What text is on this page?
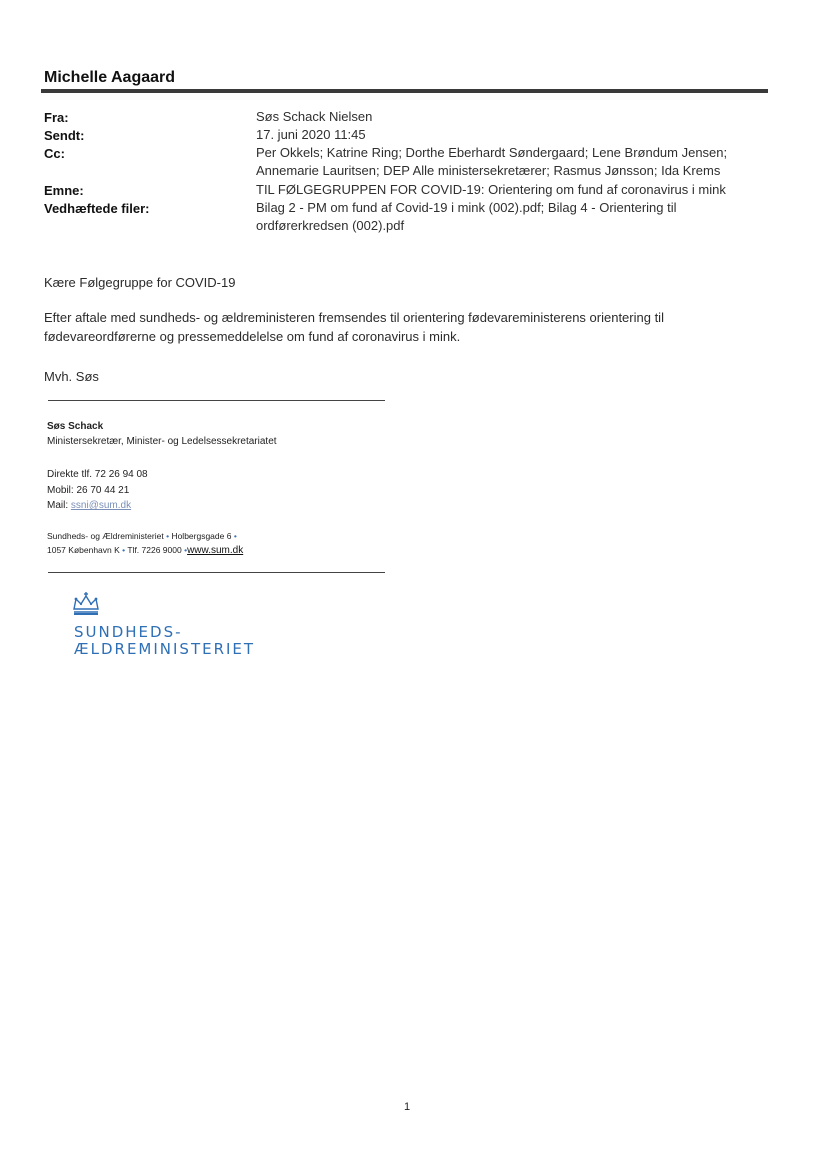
Michelle Aagaard
Fra:	Søs Schack Nielsen
Sendt:	17. juni 2020 11:45
Cc:	Per Okkels; Katrine Ring; Dorthe Eberhardt Søndergaard; Lene Brøndum Jensen;
Annemarie Lauritsen; DEP Alle ministersekretærer; Rasmus Jønsson; Ida Krems
Emne:	TIL FØLGEGRUPPEN FOR COVID-19: Orientering om fund af coronavirus i mink
Vedhæftede filer:	Bilag 2 - PM om fund af Covid-19 i mink (002).pdf; Bilag 4 - Orientering til
ordførerkredsen (002).pdf
Kære Følgegruppe for COVID-19
Efter aftale med sundheds- og ældreministeren fremsendes til orientering fødevareministerens orientering til
fødevareordførerne og pressemeddelelse om fund af coronavirus i mink.
Mvh. Søs
Søs Schack
Ministersekretær, Minister- og Ledelsessekretariatet
Direkte tlf. 72 26 94 08
Mobil: 26 70 44 21
Mail: ssni@sum.dk
Sundheds- og Ældreministeriet • Holbergsgade 6 •
1057 København K • Tlf. 7226 9000 •www.sum.dk
SUNDHEDS-
ÆLDREMINISTERIET
1
